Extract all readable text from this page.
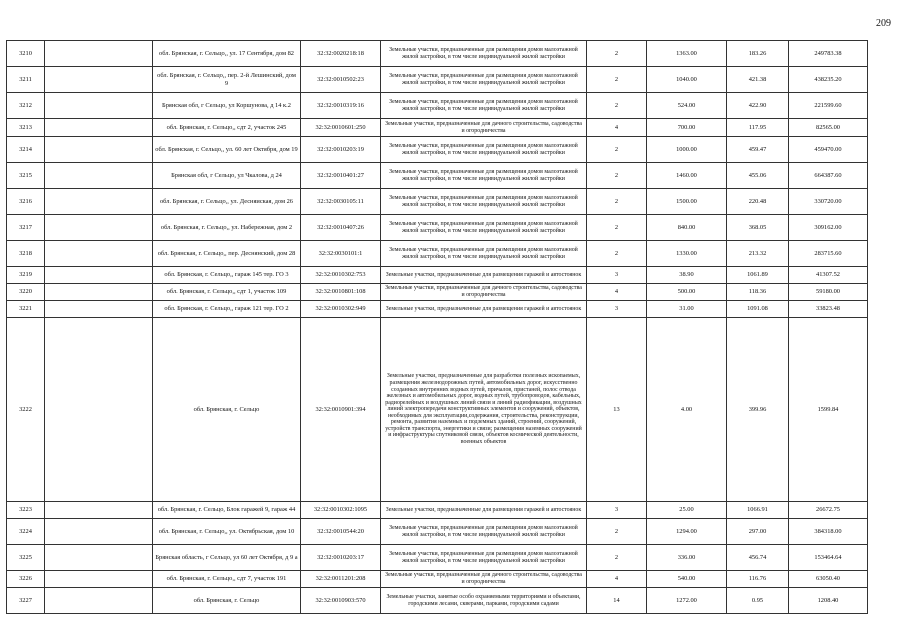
209
3210		обл. Брянская, г. Сельцо,, ул. 17 Сентября, дом 82	32:32:0020218:18	Земельные участки, предназначенные для размещения домов малоэтажной жилой застройки, в том числе индивидуальной жилой застройки	2	1363.00	183.26	249783.38
3211		обл. Брянская, г. Сельцо,, пер. 2-й Лешинский, дом 9	32:32:0010502:23	Земельные участки, предназначенные для размещения домов малоэтажной жилой застройки, в том числе индивидуальной жилой застройки	2	1040.00	421.38	438235.20
3212		Брянская обл, г Сельцо, ул Коршунова, д 14 к.2	32:32:0010319:16	Земельные участки, предназначенные для размещения домов малоэтажной жилой застройки, в том числе индивидуальной жилой застройки	2	524.00	422.90	221599.60
3213		обл. Брянская, г. Сельцо,, сдт 2, участок 245	32:32:0010601:250	Земельные участки, предназначенные для дачного строительства, садоводства и огородничества	4	700.00	117.95	82565.00
3214		обл. Брянская, г. Сельцо,, ул. 60 лет Октября, дом 19	32:32:0010203:19	Земельные участки, предназначенные для размещения домов малоэтажной жилой застройки, в том числе индивидуальной жилой застройки	2	1000.00	459.47	459470.00
3215		Брянская обл, г Сельцо, ул Чкалова, д 24	32:32:0010401:27	Земельные участки, предназначенные для размещения домов малоэтажной жилой застройки, в том числе индивидуальной жилой застройки	2	1460.00	455.06	664387.60
3216		обл. Брянская, г. Сельцо,, ул. Десняиская, дом 26	32:32:0030105:11	Земельные участки, предназначенные для размещения домов малоэтажной жилой застройки, в том числе индивидуальной жилой застройки	2	1500.00	220.48	330720.00
3217		обл. Брянская, г. Сельцо,, ул. Набережная, дом 2	32:32:0010407:26	Земельные участки, предназначенные для размещения домов малоэтажной жилой застройки, в том числе индивидуальной жилой застройки	2	840.00	368.05	309162.00
3218		обл. Брянская, г. Сельцо,, пер. Деснянский, дом 28	32:32:0030101:1	Земельные участки, предназначенные для размещения домов малоэтажной жилой застройки, в том числе индивидуальной жилой застройки	2	1330.00	213.32	283715.60
3219		обл. Брянская, г. Сельцо,, гараж 145 тер. ГО 3	32:32:0010302:753	Земельные участки, предназначенные для размещения гаражей и автостоянок	3	38.90	1061.89	41307.52
3220		обл. Брянская, г. Сельцо,, сдт 1, участок 109	32:32:0010801:108	Земельные участки, предназначенные для дачного строительства, садоводства и огородничества	4	500.00	118.36	59180.00
3221		обл. Брянская, г. Сельцо,, гараж 121 тер. ГО 2	32:32:0010302:949	Земельные участки, предназначенные для размещения гаражей и автостоянок	3	31.00	1091.08	33823.48
3222		обл. Брянская, г. Сельцо	32:32:0010901:394	Земельные участки, предназначенные для разработки полезных ископаемых, размещения железнодорожных путей, автомобильных дорог, искусственно созданных внутренних водных путей, причалов, пристаней, полос отвода железных и автомобильных дорог, водных путей, трубопроводов, кабельных, радиорелейных и воздушных линий связи и линий радиофикации, воздушных линий электропередачи конструктивных элементов и сооружений, объектов, необходимых для эксплуатации,содержания, строительства, реконструкции, ремонта, развития наземных и подземных зданий, строений, сооружений, устройств транспорта, энергетики и связи; размещения наземных сооружений и инфраструктуры спутниковой связи, объектов космической деятельности, военных объектов	13	4.00	399.96	1599.84
3223		обл. Брянская, г. Сельцо, Блок гаражей 9, гараж 44	32:32:0010302:1095	Земельные участки, предназначенные для размещения гаражей и автостоянок	3	25.00	1066.91	26672.75
3224		обл. Брянская, г. Сельцо,, ул. Октябрьская, дом 10	32:32:0010544:20	Земельные участки, предназначенные для размещения домов малоэтажной жилой застройки, в том числе индивидуальной жилой застройки	2	1294.00	297.00	384318.00
3225		Брянская область, г Сельцо, ул 60 лет Октября, д 9 а	32:32:0010203:17	Земельные участки, предназначенные для размещения домов малоэтажной жилой застройки, в том числе индивидуальной жилой застройки	2	336.00	456.74	153464.64
3226		обл. Брянская, г. Сельцо,, сдт 7, участок 191	32:32:0011201:208	Земельные участки, предназначенные для дачного строительства, садоводства и огородничества	4	540.00	116.76	63050.40
3227		обл. Брянская, г. Сельцо	32:32:0010903:570	Земельные участки, занятые особо охраняемыми территориями и объектами, городскими лесами, скверами, парками, городскими садами	14	1272.00	0.95	1208.40
